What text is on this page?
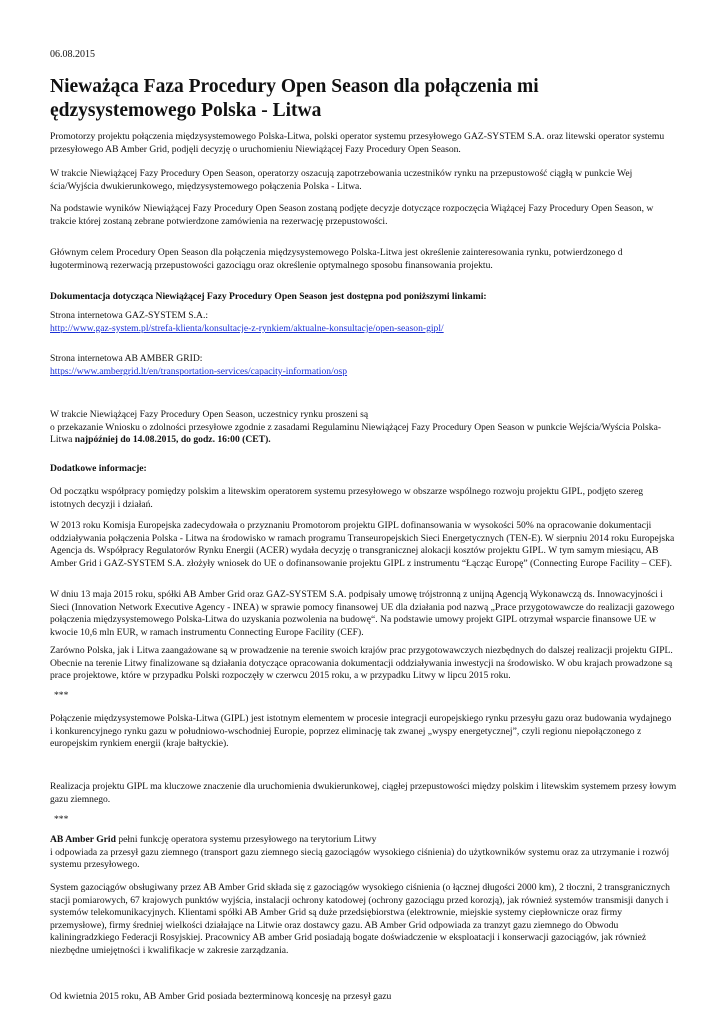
06.08.2015
Nieważąca Faza Procedury Open Season dla połączenia mi ędzysystemowego Polska - Litwa

Promotorzy projektu połączenia międzysystemowego Polska-Litwa, polski operator systemu przesyłowego GAZ-SYSTEM S.A. oraz litewski operator systemu przesyłowego AB Amber Grid, podjęli decyzję o uruchomieniu Niewiążącej Fazy Procedury Open Season.

W trakcie Niewiążącej Fazy Procedury Open Season, operatorzy oszacują zapotrzebowania uczestników rynku na przepustowość ciągłą w punkcie Wej ścia/Wyjścia dwukierunkowego, międzysystemowego połączenia Polska - Litwa.

Na podstawie wyników Niewiążącej Fazy Procedury Open Season zostaną podjęte decyzje dotyczące rozpoczęcia Wiążącej Fazy Procedury Open Season, w trakcie której zostaną zebrane potwierdzone zamówienia na rezerwację przepustowości.

Głównym celem Procedury Open Season dla połączenia międzysystemowego Polska-Litwa jest określenie zainteresowania rynku, potwierdzonego d ługoterminową rezerwacją przepustowości gazociągu oraz określenie optymalnego sposobu finansowania projektu.

Dokumentacja dotycząca Niewiążącej Fazy Procedury Open Season jest dostępna pod poniższymi linkami:

Strona internetowa GAZ-SYSTEM S.A.:
http://www.gaz-system.pl/strefa-klienta/konsultacje-z-rynkiem/aktualne-konsultacje/open-season-gipl/
Strona internetowa AB AMBER GRID:
https://www.ambergrid.lt/en/transportation-services/capacity-information/osp
W trakcie Niewiążącej Fazy Procedury Open Season, uczestnicy rynku proszeni są
o przekazanie Wniosku o zdolności przesyłowe zgodnie z zasadami Regulaminu Niewiążącej Fazy Procedury Open Season w punkcie Wejścia/Wyścia Polska-Litwa najpóźniej do 14.08.2015, do godz. 16:00 (CET).

Dodatkowe informacje:

Od początku współpracy pomiędzy polskim a litewskim operatorem systemu przesyłowego w obszarze wspólnego rozwoju projektu GIPL, podjęto szereg istotnych decyzji i działań.

W 2013 roku Komisja Europejska zadecydowała o przyznaniu Promotorom projektu GIPL dofinansowania w wysokości 50% na opracowanie dokumentacji oddziaływania połączenia Polska - Litwa na środowisko w ramach programu Transeuropejskich Sieci Energetycznych (TEN-E). W sierpniu 2014 roku Europejska Agencja ds. Współpracy Regulatorów Rynku Energii (ACER) wydała decyzję o transgranicznej alokacji kosztów projektu GIPL. W tym samym miesiącu, AB Amber Grid i GAZ-SYSTEM S.A. złożyły wniosek do UE o dofinansowanie projektu GIPL z instrumentu “Łącząc Europę” (Connecting Europe Facility – CEF).

W dniu 13 maja 2015 roku, spółki AB Amber Grid oraz GAZ-SYSTEM S.A. podpisały umowę trójstronną z unijną Agencją Wykonawczą ds. Innowacyjności i Sieci (Innovation Network Executive Agency - INEA) w sprawie pomocy finansowej UE dla działania pod nazwą „Prace przygotowawcze do realizacji gazowego połączenia międzysystemowego Polska-Litwa do uzyskania pozwolenia na budowę“. Na podstawie umowy projekt GIPL otrzymał wsparcie finansowe UE w kwocie 10,6 mln EUR, w ramach instrumentu Connecting Europe Facility (CEF).

Zarówno Polska, jak i Litwa zaangażowane są w prowadzenie na terenie swoich krajów prac przygotowawczych niezbędnych do dalszej realizacji projektu GIPL. Obecnie na terenie Litwy finalizowane są działania dotyczące opracowania dokumentacji oddziaływania inwestycji na środowisko. W obu krajach prowadzone są prace projektowe, które w przypadku Polski rozpoczęły w czerwcu 2015 roku, a w przypadku Litwy w lipcu 2015 roku.

***
Połączenie międzysystemowe Polska-Litwa (GIPL) jest istotnym elementem w procesie integracji europejskiego rynku przesyłu gazu oraz budowania wydajnego
i konkurencyjnego rynku gazu w południowo-wschodniej Europie, poprzez eliminację tak zwanej „wyspy energetycznej”, czyli regionu niepołączonego z europejskim rynkiem energii (kraje bałtyckie).

Realizacja projektu GIPL ma kluczowe znaczenie dla uruchomienia dwukierunkowej, ciągłej przepustowości między polskim i litewskim systemem przesy łowym gazu ziemnego.

***
AB Amber Grid pełni funkcję operatora systemu przesyłowego na terytorium Litwy
i odpowiada za przesył gazu ziemnego (transport gazu ziemnego siecią gazociągów wysokiego ciśnienia) do użytkowników systemu oraz za utrzymanie i rozwój systemu przesyłowego.

System gazociągów obsługiwany przez AB Amber Grid składa się z gazociągów wysokiego ciśnienia (o łącznej długości 2000 km), 2 tłoczni, 2 transgranicznych stacji pomiarowych, 67 krajowych punktów wyjścia, instalacji ochrony katodowej (ochrony gazociągu przed korozją), jak również systemów transmisji danych i systemów telekomunikacyjnych. Klientami spółki AB Amber Grid są duże przedsiębiorstwa (elektrownie, miejskie systemy ciepłownicze oraz firmy przemysłowe), firmy średniej wielkości działające na Litwie oraz dostawcy gazu. AB Amber Grid odpowiada za tranzyt gazu ziemnego do Obwodu kaliningradzkiego Federacji Rosyjskiej. Pracownicy AB amber Grid posiadają bogate doświadczenie w eksploatacji i konserwacji gazociągów, jak również niezbędne umiejętności i kwalifikacje w zakresie zarządzania.

Od kwietnia 2015 roku, AB Amber Grid posiada bezterminową koncesję na przesył gazu
